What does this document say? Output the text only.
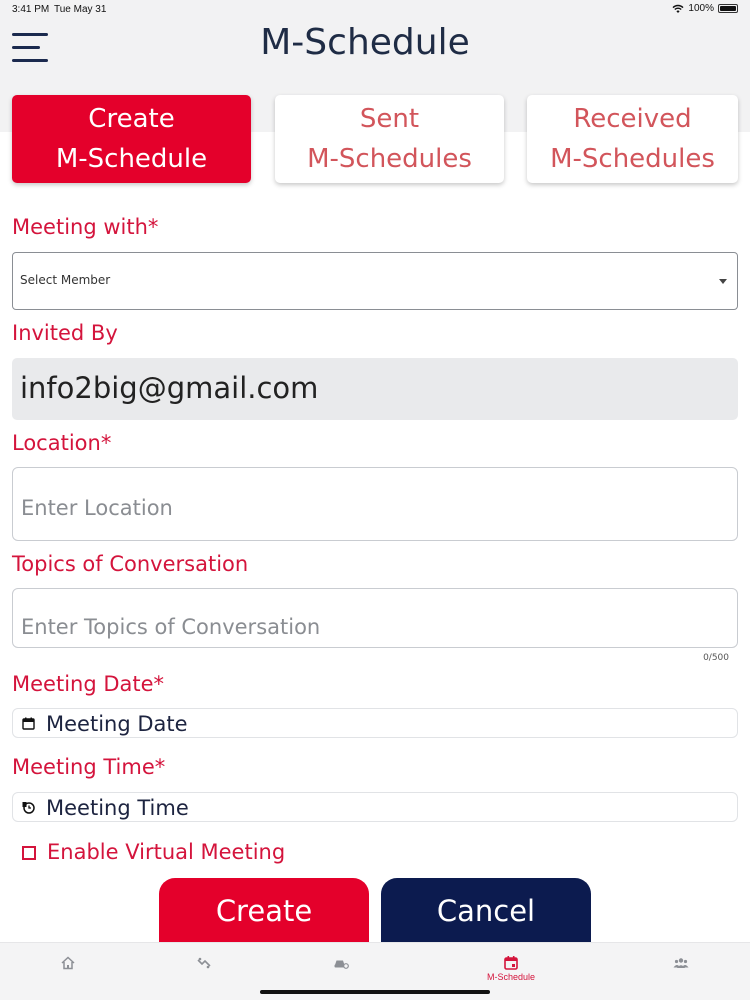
3:41 PM Tue May 31	100%
M-Schedule
Create
M-Schedule
Sent
M-Schedules
Received
M-Schedules
Meeting with*
Select Member
Invited By
info2big@gmail.com
Location*
Enter Location
Topics of Conversation
Enter Topics of Conversation
0/500
Meeting Date*
Meeting Date
Meeting Time*
Meeting Time
Enable Virtual Meeting
Create	Cancel
M-Schedule
